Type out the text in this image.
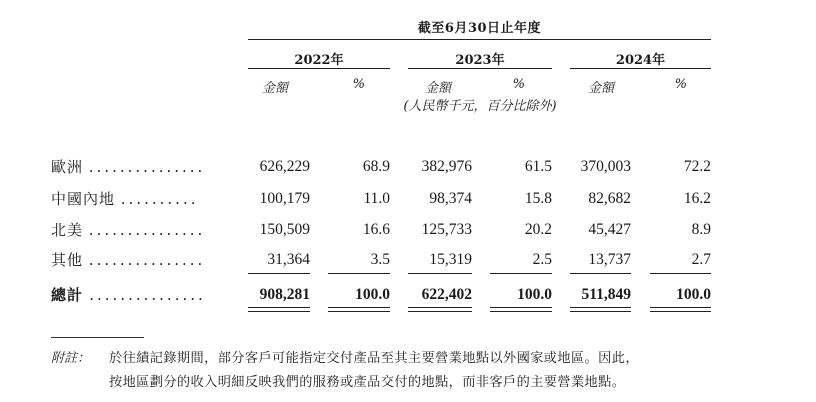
截至6月30日止年度
2022年	2023年	2024年
金額	%	金額	%	金額	%
(人民幣千元，百分比除外)
歐洲 ...............	626,229	68.9	382,976	61.5	370,003	72.2
中國內地 ..........	100,179	11.0	98,374	15.8	82,682	16.2
北美 ...............	150,509	16.6	125,733	20.2	45,427	8.9
其他 ...............	31,364	3.5	15,319	2.5	13,737	2.7
總計 ...............	908,281	100.0	622,402	100.0	511,849	100.0
附註： 於往績記錄期間，部分客戶可能指定交付產品至其主要營業地點以外國家或地區。因此，
按地區劃分的收入明細反映我們的服務或產品交付的地點，而非客戶的主要營業地點。
